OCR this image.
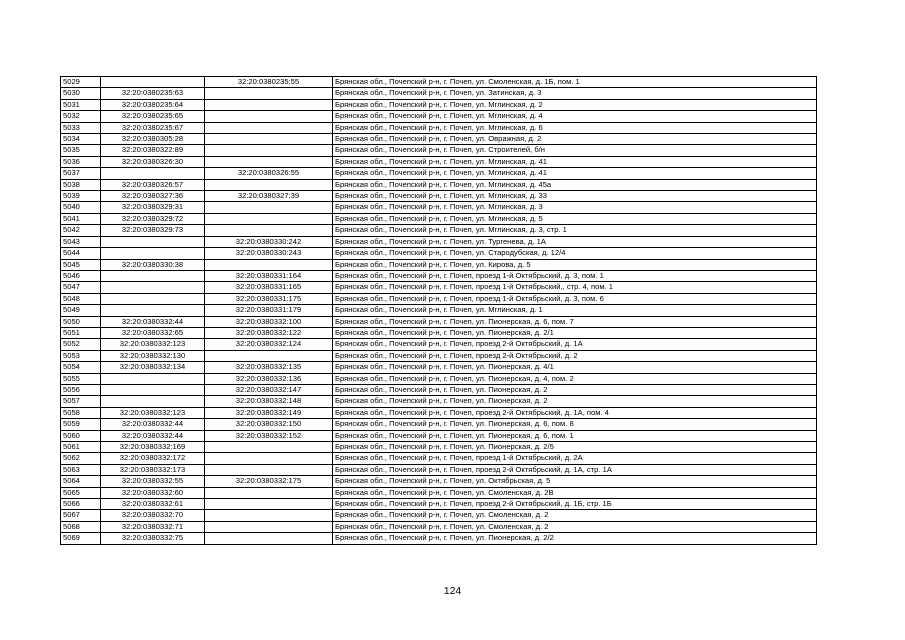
5029		32:20:0380235:55	Брянская обл., Почепский р-н, г. Почеп, ул. Смоленская, д. 1Б, пом. 1
5030	32:20:0380235:63		Брянская обл., Почепский р-н, г. Почеп, ул. Затинская, д. 3
5031	32:20:0380235:64		Брянская обл., Почепский р-н, г. Почеп, ул. Мглинская, д. 2
5032	32:20:0380235:65		Брянская обл., Почепский р-н, г. Почеп, ул. Мглинская, д. 4
5033	32:20:0380235:67		Брянская обл., Почепский р-н, г. Почеп, ул. Мглинская, д. 6
5034	32:20:0380305:28		Брянская обл., Почепский р-н, г. Почеп, ул. Овражная, д. 2
5035	32:20:0380322:89		Брянская обл., Почепский р-н, г. Почеп, ул. Строителей, б/н
5036	32:20:0380326:30		Брянская обл., Почепский р-н, г. Почеп, ул. Мглинская, д. 41
5037		32:20:0380326:55	Брянская обл., Почепский р-н, г. Почеп, ул. Мглинская, д. 41
5038	32:20:0380326:57		Брянская обл., Почепский р-н, г. Почеп, ул. Мглинская, д. 45а
5039	32:20:0380327:36	32:20:0380327:39	Брянская обл., Почепский р-н, г. Почеп, ул. Мглинская, д. 33
5040	32:20:0380329:31		Брянская обл., Почепский р-н, г. Почеп, ул. Мглинская, д. 3
5041	32:20:0380329:72		Брянская обл., Почепский р-н, г. Почеп, ул. Мглинская, д. 5
5042	32:20:0380329:73		Брянская обл., Почепский р-н, г. Почеп, ул. Мглинская, д. 3, стр. 1
5043		32:20:0380330:242	Брянская обл., Почепский р-н, г. Почеп, ул. Тургенева, д. 1А
5044		32:20:0380330:243	Брянская обл., Почепский р-н, г. Почеп, ул. Стародубская, д. 12/4
5045	32:20:0380330:38		Брянская обл., Почепский р-н, г. Почеп, ул. Кирова, д. 5
5046		32:20:0380331:164	Брянская обл., Почепский р-н, г. Почеп, проезд 1-й Октябрьский, д. 3, пом. 1
5047		32:20:0380331:165	Брянская обл., Почепский р-н, г. Почеп, проезд 1-й Октябрьский,, стр. 4, пом. 1
5048		32:20:0380331:175	Брянская обл., Почепский р-н, г. Почеп, проезд 1-й Октябрьский, д. 3, пом. 6
5049		32:20:0380331:179	Брянская обл., Почепский р-н, г. Почеп, ул. Мглинская, д. 1
5050	32:20:0380332:44	32:20:0380332:100	Брянская обл., Почепский р-н, г. Почеп, ул. Пионерская, д. 6, пом. 7
5051	32:20:0380332:65	32:20:0380332:122	Брянская обл., Почепский р-н, г. Почеп, ул. Пионерская, д. 2/1
5052	32:20:0380332:123	32:20:0380332:124	Брянская обл., Почепский р-н, г. Почеп, проезд 2-й Октябрьский, д. 1А
5053	32:20:0380332:130		Брянская обл., Почепский р-н, г. Почеп, проезд 2-й Октябрьский, д. 2
5054	32:20:0380332:134	32:20:0380332:135	Брянская обл., Почепский р-н, г. Почеп, ул. Пионерская, д. 4/1
5055		32:20:0380332:136	Брянская обл., Почепский р-н, г. Почеп, ул. Пионерская, д. 4, пом. 2
5056		32:20:0380332:147	Брянская обл., Почепский р-н, г. Почеп, ул. Пионерская, д. 2
5057		32:20:0380332:148	Брянская обл., Почепский р-н, г. Почеп, ул. Пионерская, д. 2
5058	32:20:0380332:123	32:20:0380332:149	Брянская обл., Почепский р-н, г. Почеп, проезд 2-й Октябрьский, д. 1А, пом. 4
5059	32:20:0380332:44	32:20:0380332:150	Брянская обл., Почепский р-н, г. Почеп, ул. Пионерская, д. 6, пом. 8
5060	32:20:0380332:44	32:20:0380332:152	Брянская обл., Почепский р-н, г. Почеп, ул. Пионерская, д. 6, пом. 1
5061	32:20:0380332:169		Брянская обл., Почепский р-н, г. Почеп, ул. Пионерская, д. 2/5
5062	32:20:0380332:172		Брянская обл., Почепский р-н, г. Почеп, проезд 1-й Октябрьский, д. 2А
5063	32:20:0380332:173		Брянская обл., Почепский р-н, г. Почеп, проезд 2-й Октябрьский, д. 1А, стр. 1А
5064	32:20:0380332:55	32:20:0380332:175	Брянская обл., Почепский р-н, г. Почеп, ул. Октябрьская, д. 5
5065	32:20:0380332:60		Брянская обл., Почепский р-н, г. Почеп, ул. Смоленская, д. 2В
5066	32:20:0380332:61		Брянская обл., Почепский р-н, г. Почеп, проезд 2-й Октябрьский, д. 1Б, стр. 1Б
5067	32:20:0380332:70		Брянская обл., Почепский р-н, г. Почеп, ул. Смоленская, д. 2
5068	32:20:0380332:71		Брянская обл., Почепский р-н, г. Почеп, ул. Смоленская, д. 2
5069	32:20:0380332:75		Брянская обл., Почепский р-н, г. Почеп, ул. Пионерская, д. 2/2
124
